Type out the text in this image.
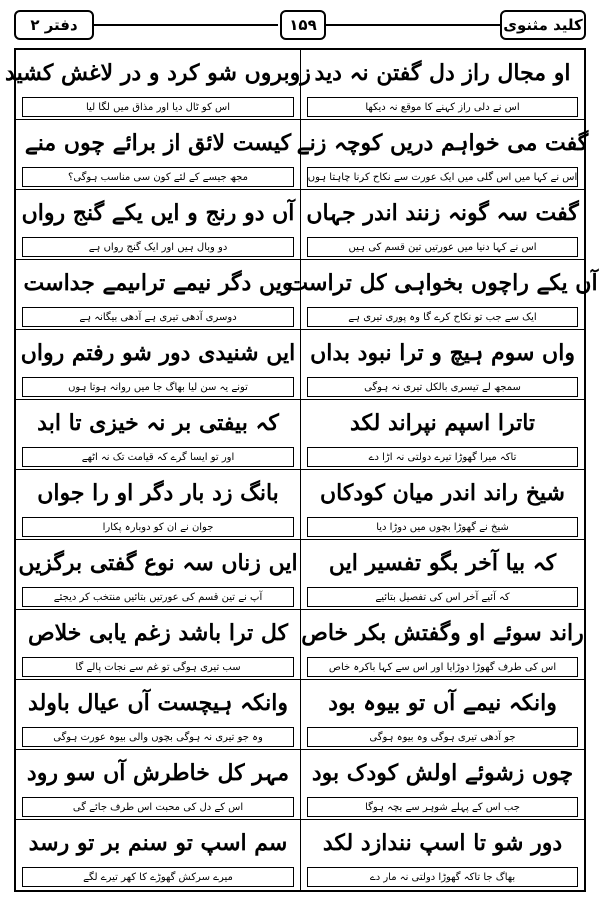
دفتر ۲	۱۵۹	کلید مثنوی
او مجال راز دل گفتن نہ دید
اس نے دلی راز کہنے کا موقع نہ دیکھا
زوبروں شو کرد و در لاغش کشید
اس کو ٹال دیا اور مذاق میں لگا لیا
گفت می خواہم دریں کوچہ زنے
اس نے کہا میں اس گلی میں ایک عورت سے نکاح کرنا چاہتا ہوں
کیست لائق از برائے چوں منے
مجھ جیسے کے لئے کون سی مناسب ہوگی؟
گفت سہ گونہ زنند اندر جہاں
اس نے کہا دنیا میں عورتیں تین قسم کی ہیں
آں دو رنج و ایں یکے گنج رواں
دو وبال ہیں اور ایک گنج رواں ہے
آں یکے راچوں بخواہی کل تراست
ایک سے جب تو نکاح کرے گا وہ پوری تیری ہے
ویں دگر نیمے تراںیمے جداست
دوسری آدھی تیری ہے آدھی بیگانہ ہے
واں سوم ہیچ و ترا نبود بداں
سمجھ لے تیسری بالکل تیری نہ ہوگی
ایں شنیدی دور شو رفتم رواں
تونے یہ سن لیا بھاگ جا میں روانہ ہوتا ہوں
تاترا اسپم نپراند لکد
تاکہ میرا گھوڑا تیرے دولتی نہ اڑا دے
کہ بیفتی بر نہ خیزی تا ابد
اور تو ایسا گرے کہ قیامت تک نہ اٹھے
شیخ راند اندر میان کودکاں
شیخ نے گھوڑا بچوں میں دوڑا دیا
بانگ زد بار دگر او را جواں
جوان نے ان کو دوبارہ پکارا
کہ بیا آخر بگو تفسیر ایں
کہ آئیے آخر اس کی تفصیل بتائیے
ایں زناں سہ نوع گفتی برگزیں
آپ نے تین قسم کی عورتیں بتائیں منتخب کر دیجئے
راند سوئے او وگفتش بکر خاص
اس کی طرف گھوڑا دوڑایا اور اس سے کہا باکرہ خاص
کل ترا باشد زغم یابی خلاص
سب تیری ہوگی تو غم سے نجات پالے گا
وانکہ نیمے آں تو بیوہ بود
جو آدھی تیری ہوگی وہ بیوہ ہوگی
وانکہ ہیچست آں عیال باولد
وہ جو تیری نہ ہوگی بچوں والی بیوہ عورت ہوگی
چوں زشوئے اولش کودک بود
جب اس کے پہلے شوہر سے بچہ ہوگا
مہر کل خاطرش آں سو رود
اس کے دل کی محبت اس طرف جائے گی
دور شو تا اسپ نندازد لکد
بھاگ جا تاکہ گھوڑا دولتی نہ مار دے
سم اسپ تو سنم بر تو رسد
میرے سرکش گھوڑے کا کھر تیرے لگے
